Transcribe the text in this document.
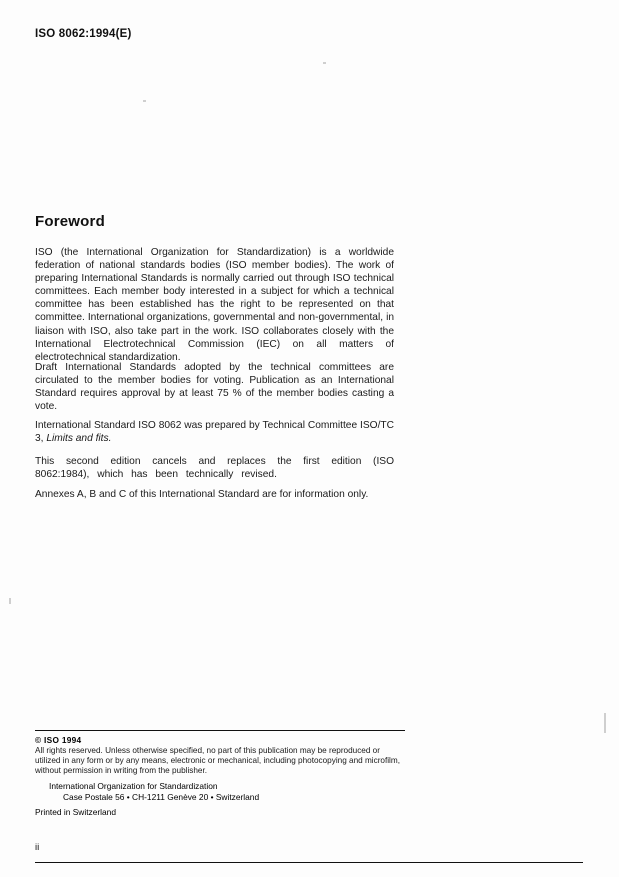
ISO 8062:1994(E)
Foreword
ISO (the International Organization for Standardization) is a worldwide federation of national standards bodies (ISO member bodies). The work of preparing International Standards is normally carried out through ISO technical committees. Each member body interested in a subject for which a technical committee has been established has the right to be represented on that committee. International organizations, governmental and non-governmental, in liaison with ISO, also take part in the work. ISO collaborates closely with the International Electrotechnical Commission (IEC) on all matters of electrotechnical standardization.
Draft International Standards adopted by the technical committees are circulated to the member bodies for voting. Publication as an International Standard requires approval by at least 75 % of the member bodies casting a vote.
International Standard ISO 8062 was prepared by Technical Committee ISO/TC 3, Limits and fits.
This second edition cancels and replaces the first edition (ISO 8062:1984), which has been technically revised.
Annexes A, B and C of this International Standard are for information only.
© ISO 1994
All rights reserved. Unless otherwise specified, no part of this publication may be reproduced or utilized in any form or by any means, electronic or mechanical, including photocopying and microfilm, without permission in writing from the publisher.
International Organization for Standardization
Case Postale 56 • CH-1211 Genève 20 • Switzerland
Printed in Switzerland
ii
